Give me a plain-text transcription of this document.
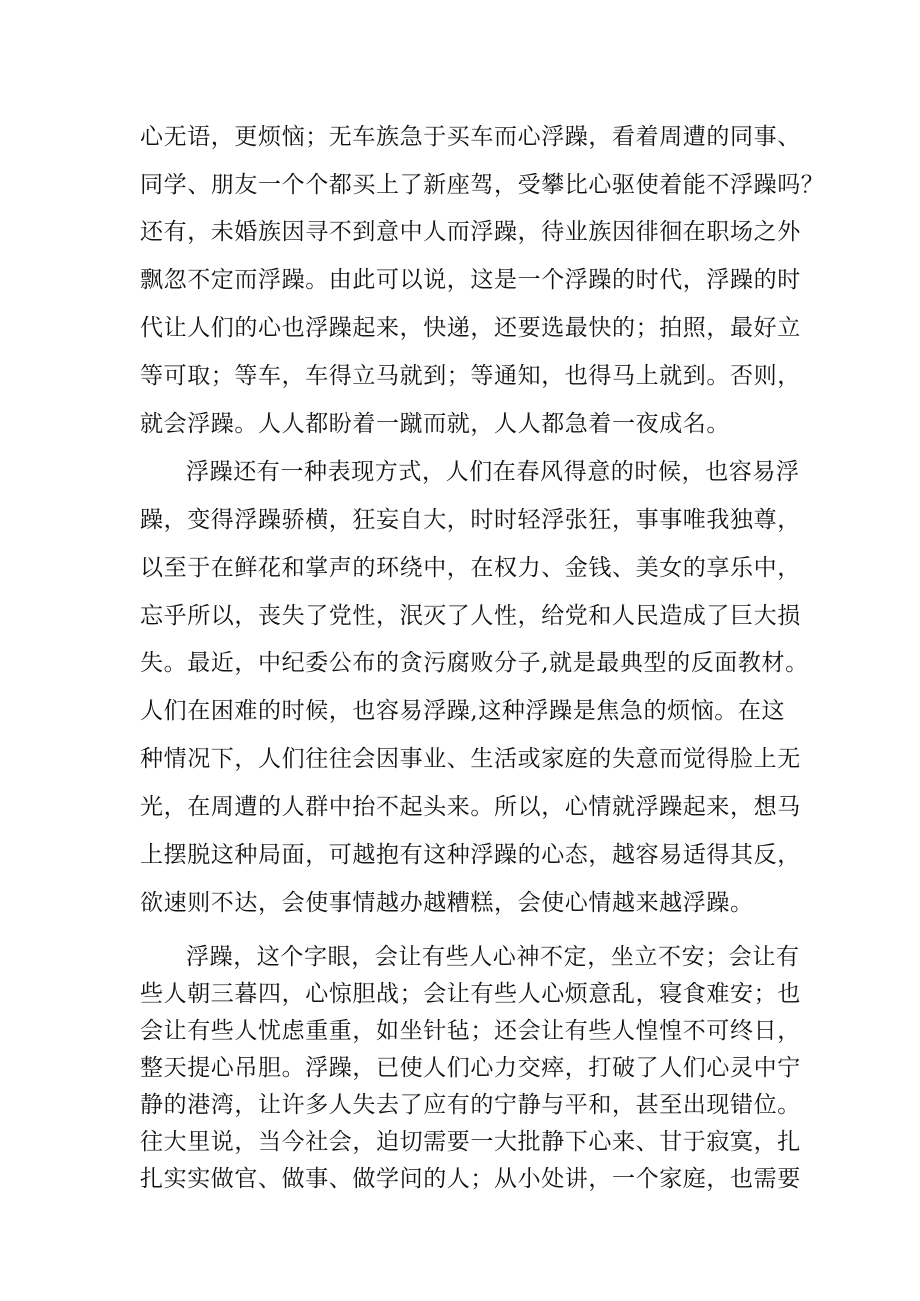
心无语，更烦恼；无车族急于买车而心浮躁，看着周遭的同事、
同学、朋友一个个都买上了新座驾，受攀比心驱使着能不浮躁吗？
还有，未婚族因寻不到意中人而浮躁，待业族因徘徊在职场之外
飘忽不定而浮躁。由此可以说，这是一个浮躁的时代，浮躁的时
代让人们的心也浮躁起来，快递，还要选最快的；拍照，最好立
等可取；等车，车得立马就到；等通知，也得马上就到。否则，
就会浮躁。人人都盼着一蹴而就，人人都急着一夜成名。
浮躁还有一种表现方式，人们在春风得意的时候，也容易浮
躁，变得浮躁骄横，狂妄自大，时时轻浮张狂，事事唯我独尊，
以至于在鲜花和掌声的环绕中，在权力、金钱、美女的享乐中，
忘乎所以，丧失了党性，泯灭了人性，给党和人民造成了巨大损
失。最近，中纪委公布的贪污腐败分子,就是最典型的反面教材。
人们在困难的时候，也容易浮躁,这种浮躁是焦急的烦恼。在这
种情况下，人们往往会因事业、生活或家庭的失意而觉得脸上无
光，在周遭的人群中抬不起头来。所以，心情就浮躁起来，想马
上摆脱这种局面，可越抱有这种浮躁的心态，越容易适得其反，
欲速则不达，会使事情越办越糟糕，会使心情越来越浮躁。
浮躁，这个字眼，会让有些人心神不定，坐立不安；会让有
些人朝三暮四，心惊胆战；会让有些人心烦意乱，寝食难安；也
会让有些人忧虑重重，如坐针毡；还会让有些人惶惶不可终日，
整天提心吊胆。浮躁，已使人们心力交瘁，打破了人们心灵中宁
静的港湾，让许多人失去了应有的宁静与平和，甚至出现错位。
往大里说，当今社会，迫切需要一大批静下心来、甘于寂寞，扎
扎实实做官、做事、做学问的人；从小处讲，一个家庭，也需要
